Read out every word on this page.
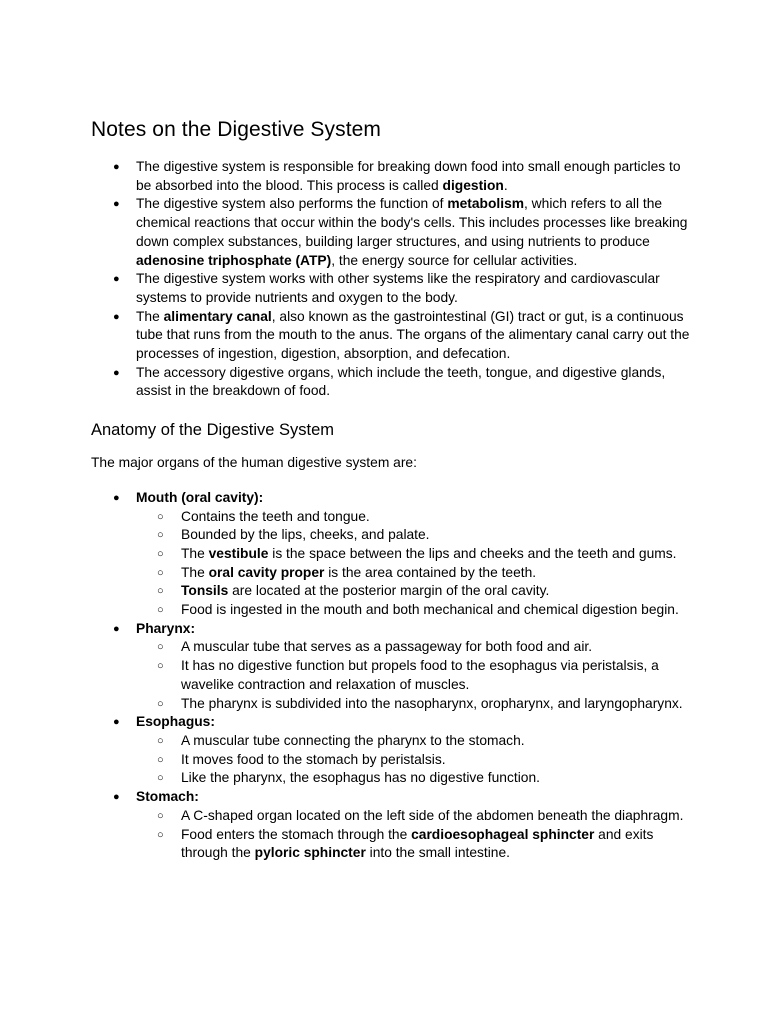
Notes on the Digestive System
● The digestive system is responsible for breaking down food into small enough particles to be absorbed into the blood. This process is called digestion.
● The digestive system also performs the function of metabolism, which refers to all the chemical reactions that occur within the body's cells. This includes processes like breaking down complex substances, building larger structures, and using nutrients to produce adenosine triphosphate (ATP), the energy source for cellular activities.
● The digestive system works with other systems like the respiratory and cardiovascular systems to provide nutrients and oxygen to the body.
● The alimentary canal, also known as the gastrointestinal (GI) tract or gut, is a continuous tube that runs from the mouth to the anus. The organs of the alimentary canal carry out the processes of ingestion, digestion, absorption, and defecation.
● The accessory digestive organs, which include the teeth, tongue, and digestive glands, assist in the breakdown of food.
Anatomy of the Digestive System

The major organs of the human digestive system are:

● Mouth (oral cavity):
○ Contains the teeth and tongue.
○ Bounded by the lips, cheeks, and palate.
○ The vestibule is the space between the lips and cheeks and the teeth and gums.
○ The oral cavity proper is the area contained by the teeth.
○ Tonsils are located at the posterior margin of the oral cavity.
○ Food is ingested in the mouth and both mechanical and chemical digestion begin.
● Pharynx:
○ A muscular tube that serves as a passageway for both food and air.
○ It has no digestive function but propels food to the esophagus via peristalsis, a wavelike contraction and relaxation of muscles.
○ The pharynx is subdivided into the nasopharynx, oropharynx, and laryngopharynx.
● Esophagus:
○ A muscular tube connecting the pharynx to the stomach.
○ It moves food to the stomach by peristalsis.
○ Like the pharynx, the esophagus has no digestive function.
● Stomach:
○ A C-shaped organ located on the left side of the abdomen beneath the diaphragm.
○ Food enters the stomach through the cardioesophageal sphincter and exits through the pyloric sphincter into the small intestine.
